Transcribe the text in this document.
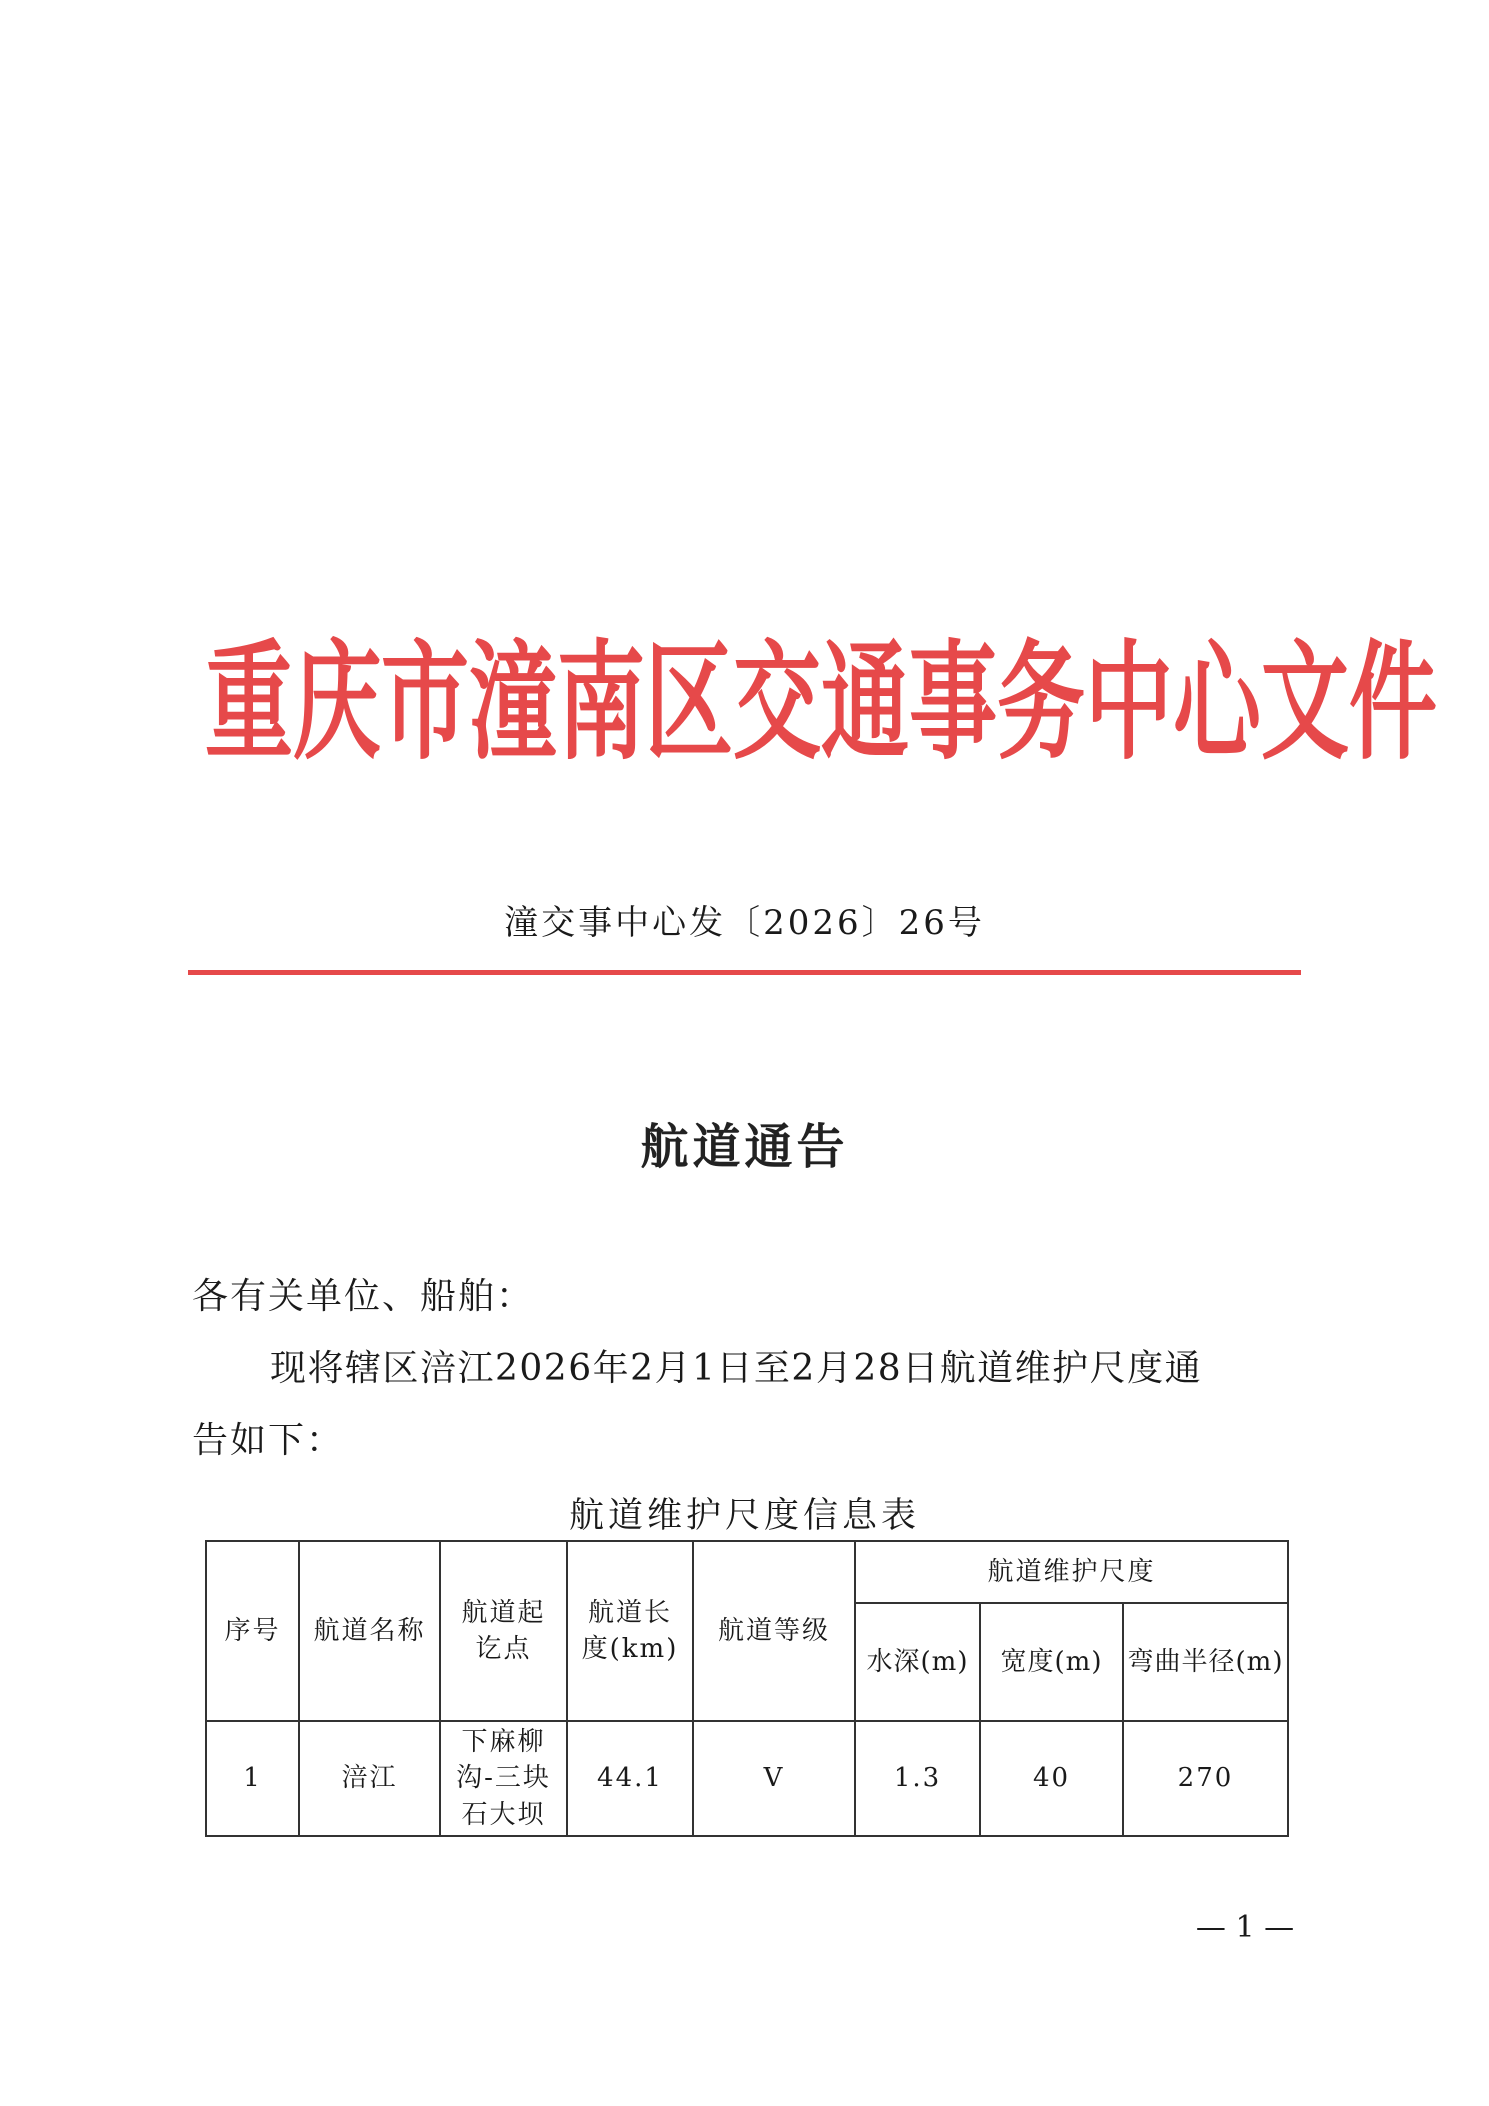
重庆市潼南区交通事务中心文件
潼交事中心发〔2026〕26号
航道通告
各有关单位、船舶：
现将辖区涪江2026年2月1日至2月28日航道维护尺度通
告如下：
航道维护尺度信息表
序号	航道名称	航道起讫点	航道长度(km)	航道等级	航道维护尺度		
					水深(m)	宽度(m)	弯曲半径(m)
1	涪江	下麻柳沟-三块石大坝	44.1	V	1.3	40	270
— 1 —
